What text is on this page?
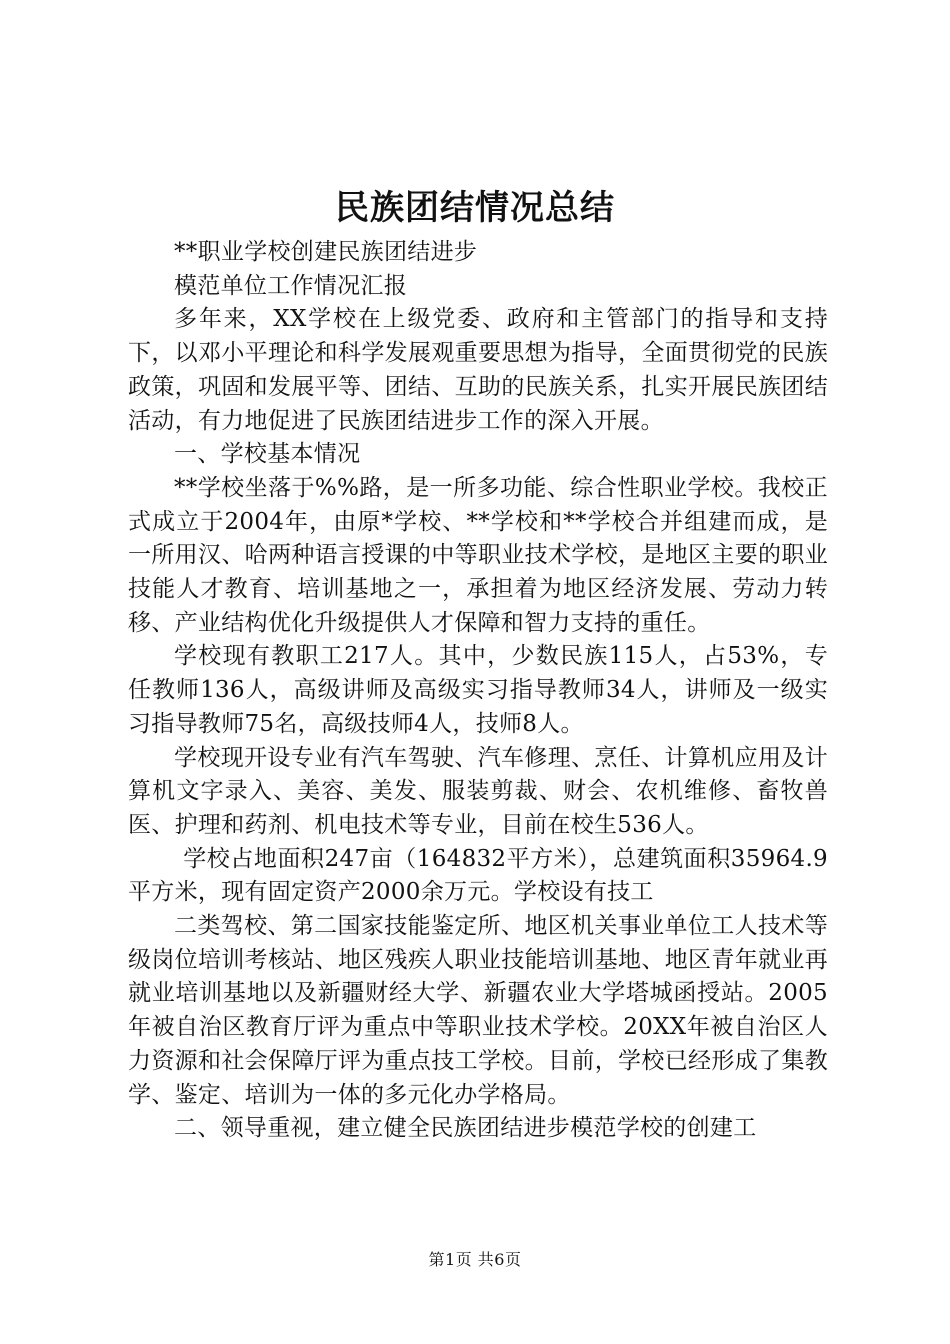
民族团结情况总结

**职业学校创建民族团结进步

模范单位工作情况汇报

多年来，XX学校在上级党委、政府和主管部门的指导和支持下，以邓小平理论和科学发展观重要思想为指导，全面贯彻党的民族政策，巩固和发展平等、团结、互助的民族关系，扎实开展民族团结活动，有力地促进了民族团结进步工作的深入开展。

一、学校基本情况

**学校坐落于%%路，是一所多功能、综合性职业学校。我校正式成立于2004年，由原*学校、**学校和**学校合并组建而成，是一所用汉、哈两种语言授课的中等职业技术学校，是地区主要的职业技能人才教育、培训基地之一，承担着为地区经济发展、劳动力转移、产业结构优化升级提供人才保障和智力支持的重任。

学校现有教职工217人。其中，少数民族115人，占53%，专任教师136人，高级讲师及高级实习指导教师34人，讲师及一级实习指导教师75名，高级技师4人，技师8人。

学校现开设专业有汽车驾驶、汽车修理、烹任、计算机应用及计算机文字录入、美容、美发、服装剪裁、财会、农机维修、畜牧兽医、护理和药剂、机电技术等专业，目前在校生536人。

学校占地面积247亩（164832平方米），总建筑面积35964.9平方米，现有固定资产2000余万元。学校设有技工

二类驾校、第二国家技能鉴定所、地区机关事业单位工人技术等级岗位培训考核站、地区残疾人职业技能培训基地、地区青年就业再就业培训基地以及新疆财经大学、新疆农业大学塔城函授站。2005年被自治区教育厅评为重点中等职业技术学校。20XX年被自治区人力资源和社会保障厅评为重点技工学校。目前，学校已经形成了集教学、鉴定、培训为一体的多元化办学格局。

二、领导重视，建立健全民族团结进步模范学校的创建工

第1页 共6页
